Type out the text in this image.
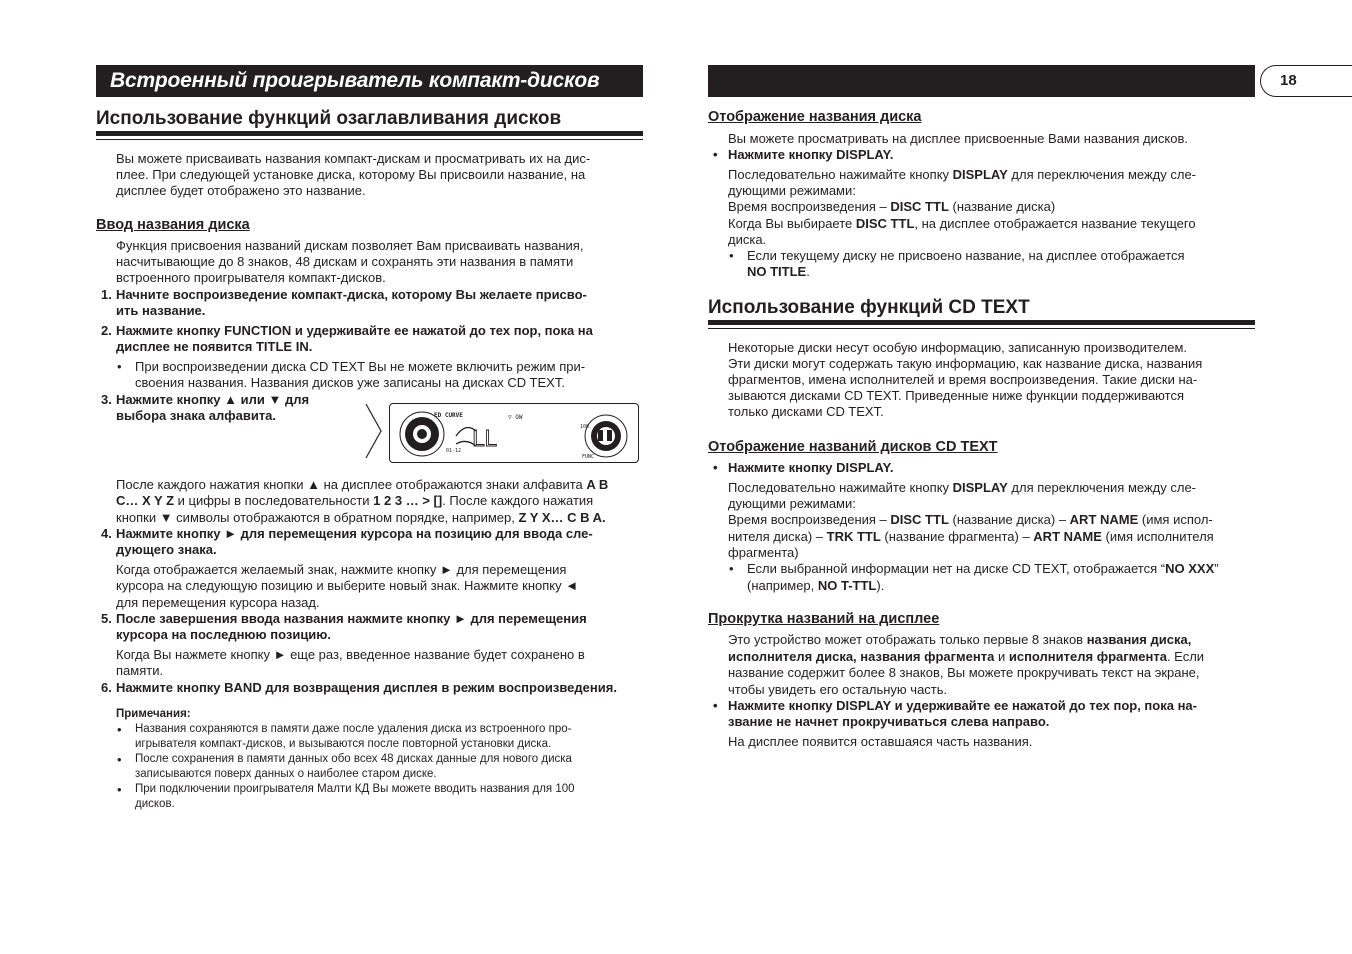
Встроенный проигрыватель компакт-дисков	18
Использование функций озаглавливания дисков
Вы можете присваивать названия компакт-дискам и просматривать их на дис-
плее. При следующей установке диска, которому Вы присвоили название, на
дисплее будет отображено это название.
Ввод названия диска
Функция присвоения названий дискам позволяет Вам присваивать названия,
насчитывающие до 8 знаков, 48 дискам и сохранять эти названия в памяти
встроенного проигрывателя компакт-дисков.
1. Начните воспроизведение компакт-диска, которому Вы желаете присво-
ить название.
2. Нажмите кнопку FUNCTION и удерживайте ее нажатой до тех пор, пока на
дисплее не появится TITLE IN.
• При воспроизведении диска CD TEXT Вы не можете включить режим при-
своения названия. Названия дисков уже записаны на дисках CD TEXT.
3. Нажмите кнопку ▲ или ▼ для
выбора знака алфавита.	ED CURVE	▽ OW
01-12
FUNC
100
ᒪᒪ
После каждого нажатия кнопки ▲ на дисплее отображаются знаки алфавита A B
C… X Y Z и цифры в последовательности 1 2 3 … > []. После каждого нажатия
кнопки ▼ символы отображаются в обратном порядке, например, Z Y X… C B A.
4. Нажмите кнопку ► для перемещения курсора на позицию для ввода сле-
дующего знака.
Когда отображается желаемый знак, нажмите кнопку ► для перемещения
курсора на следующую позицию и выберите новый знак. Нажмите кнопку ◄
для перемещения курсора назад.
5. После завершения ввода названия нажмите кнопку ► для перемещения
курсора на последнюю позицию.
Когда Вы нажмете кнопку ► еще раз, введенное название будет сохранено в
памяти.
6. Нажмите кнопку BAND для возвращения дисплея в режим воспроизведения.
Примечания:
• Названия сохраняются в памяти даже после удаления диска из встроенного про-
игрывателя компакт-дисков, и вызываются после повторной установки диска.
• После сохранения в памяти данных обо всех 48 дисках данные для нового диска
записываются поверх данных о наиболее старом диске.
• При подключении проигрывателя Малти КД Вы можете вводить названия для 100
дисков.
Отображение названия диска
Вы можете просматривать на дисплее присвоенные Вами названия дисков.
• Нажмите кнопку DISPLAY.
Последовательно нажимайте кнопку DISPLAY для переключения между сле-
дующими режимами:
Время воспроизведения – DISC TTL (название диска)
Когда Вы выбираете DISC TTL, на дисплее отображается название текущего
диска.
• Если текущему диску не присвоено название, на дисплее отображается
NO TITLE.
Использование функций CD TEXT
Некоторые диски несут особую информацию, записанную производителем.
Эти диски могут содержать такую информацию, как название диска, названия
фрагментов, имена исполнителей и время воспроизведения. Такие диски на-
зываются дисками CD TEXT. Приведенные ниже функции поддерживаются
только дисками CD TEXT.
Отображение названий дисков CD TEXT
• Нажмите кнопку DISPLAY.
Последовательно нажимайте кнопку DISPLAY для переключения между сле-
дующими режимами:
Время воспроизведения – DISC TTL (название диска) – ART NAME (имя испол-
нителя диска) – TRK TTL (название фрагмента) – ART NAME (имя исполнителя
фрагмента)
• Если выбранной информации нет на диске CD TEXT, отображается “NO XXX”
(например, NO T-TTL).
Прокрутка названий на дисплее
Это устройство может отображать только первые 8 знаков названия диска,
исполнителя диска, названия фрагмента и исполнителя фрагмента. Если
название содержит более 8 знаков, Вы можете прокручивать текст на экране,
чтобы увидеть его остальную часть.
• Нажмите кнопку DISPLAY и удерживайте ее нажатой до тех пор, пока на-
звание не начнет прокручиваться слева направо.
На дисплее появится оставшаяся часть названия.
